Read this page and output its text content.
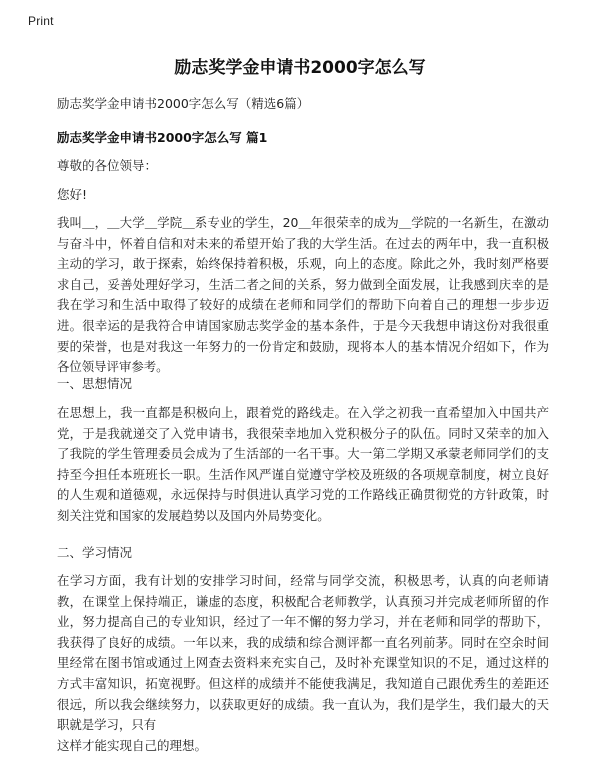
Print
励志奖学金申请书2000字怎么写
励志奖学金申请书2000字怎么写（精选6篇）
励志奖学金申请书2000字怎么写 篇1
尊敬的各位领导：
您好!
我叫＿，＿大学＿学院＿系专业的学生，20＿年很荣幸的成为＿学院的一名新生，在激动与奋斗中，怀着自信和对未来的希望开始了我的大学生活。在过去的两年中，我一直积极主动的学习，敢于探索，始终保持着积极，乐观，向上的态度。除此之外，我时刻严格要求自己，妥善处理好学习，生活二者之间的关系，努力做到全面发展，让我感到庆幸的是我在学习和生活中取得了较好的成绩在老师和同学们的帮助下向着自己的理想一步步迈进。很幸运的是我符合申请国家励志奖学金的基本条件，于是今天我想申请这份对我很重要的荣誉，也是对我这一年努力的一份肯定和鼓励，现将本人的基本情况介绍如下，作为各位领导评审参考。
一、思想情况
在思想上，我一直都是积极向上，跟着党的路线走。在入学之初我一直希望加入中国共产党，于是我就递交了入党申请书，我很荣幸地加入党积极分子的队伍。同时又荣幸的加入了我院的学生管理委员会成为了生活部的一名干事。大一第二学期又承蒙老师同学们的支持至今担任本班班长一职。生活作风严谨自觉遵守学校及班级的各项规章制度，树立良好的人生观和道德观，永远保持与时俱进认真学习党的工作路线正确贯彻党的方针政策，时刻关注党和国家的发展趋势以及国内外局势变化。
二、学习情况
在学习方面，我有计划的安排学习时间，经常与同学交流，积极思考，认真的向老师请教，在课堂上保持端正，谦虚的态度，积极配合老师教学，认真预习并完成老师所留的作业，努力提高自己的专业知识，经过了一年不懈的努力学习，并在老师和同学的帮助下，我获得了良好的成绩。一年以来，我的成绩和综合测评都一直名列前茅。同时在空余时间里经常在图书馆或通过上网查去资料来充实自己，及时补充课堂知识的不足，通过这样的方式丰富知识，拓宽视野。但这样的成绩并不能使我满足，我知道自己跟优秀生的差距还很远，所以我会继续努力，以获取更好的成绩。我一直认为，我们是学生，我们最大的天职就是学习，只有
这样才能实现自己的理想。
